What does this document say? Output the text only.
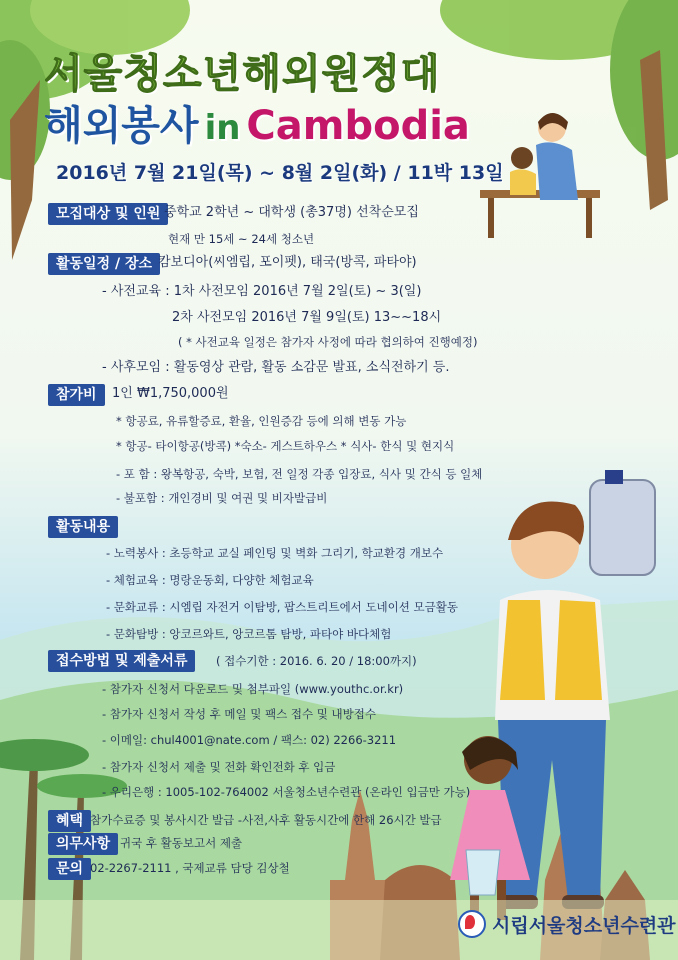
서울청소년해외원정대
해외봉사 in Cambodia
2016년 7월 21일(목) ~ 8월 2일(화) / 11박 13일
모집대상 및 인원 중학교 2학년 ~ 대학생 (총37명) 선착순모집
현재 만 15세 ~ 24세 청소년
활동일정 / 장소 캄보디아(씨엠립, 포이펫), 태국(방콕, 파타야)
- 사전교육 : 1차 사전모임 2016년 7월 2일(토) ~ 3(일)
2차 사전모임 2016년 7월 9일(토) 13~~18시
( * 사전교육 일정은 참가자 사정에 따라 협의하여 진행예정)
- 사후모임 : 활동영상 관람, 활동 소감문 발표, 소식전하기 등.
참가비	1인 ₩1,750,000원
* 항공료, 유류할증료, 환율, 인원증감 등에 의해 변동 가능
* 항공- 타이항공(방콕) *숙소- 게스트하우스 * 식사- 한식 및 현지식
- 포 함 : 왕복항공, 숙박, 보험, 전 일정 각종 입장료, 식사 및 간식 등 일체
- 불포함 : 개인경비 및 여권 및 비자발급비
활동내용
- 노력봉사 : 초등학교 교실 페인팅 및 벽화 그리기, 학교환경 개보수
- 체험교육 : 명랑운동회, 다양한 체험교육
- 문화교류 : 시엠립 자전거 이탐방, 팝스트리트에서 도네이션 모금활동
- 문화탐방 : 앙코르와트, 앙코르톰 탐방, 파타야 바다체험
접수방법 및 제출서류	( 접수기한 : 2016. 6. 20 / 18:00까지)
- 참가자 신청서 다운로드 및 첨부파일 (www.youthc.or.kr)
- 참가자 신청서 작성 후 메일 및 팩스 접수 및 내방접수
- 이메일: chul4001@nate.com / 팩스: 02) 2266-3211
- 참가자 신청서 제출 및 전화 확인전화 후 입금
- 우리은행 : 1005-102-764002 서울청소년수련관 (온라인 입금만 가능)
혜택 참가수료증 및 봉사시간 발급 -사전,사후 활동시간에 한해 26시간 발급
의무사항 귀국 후 활동보고서 제출
문의 02-2267-2111 , 국제교류 담당 김상철
시립서울청소년수련관
